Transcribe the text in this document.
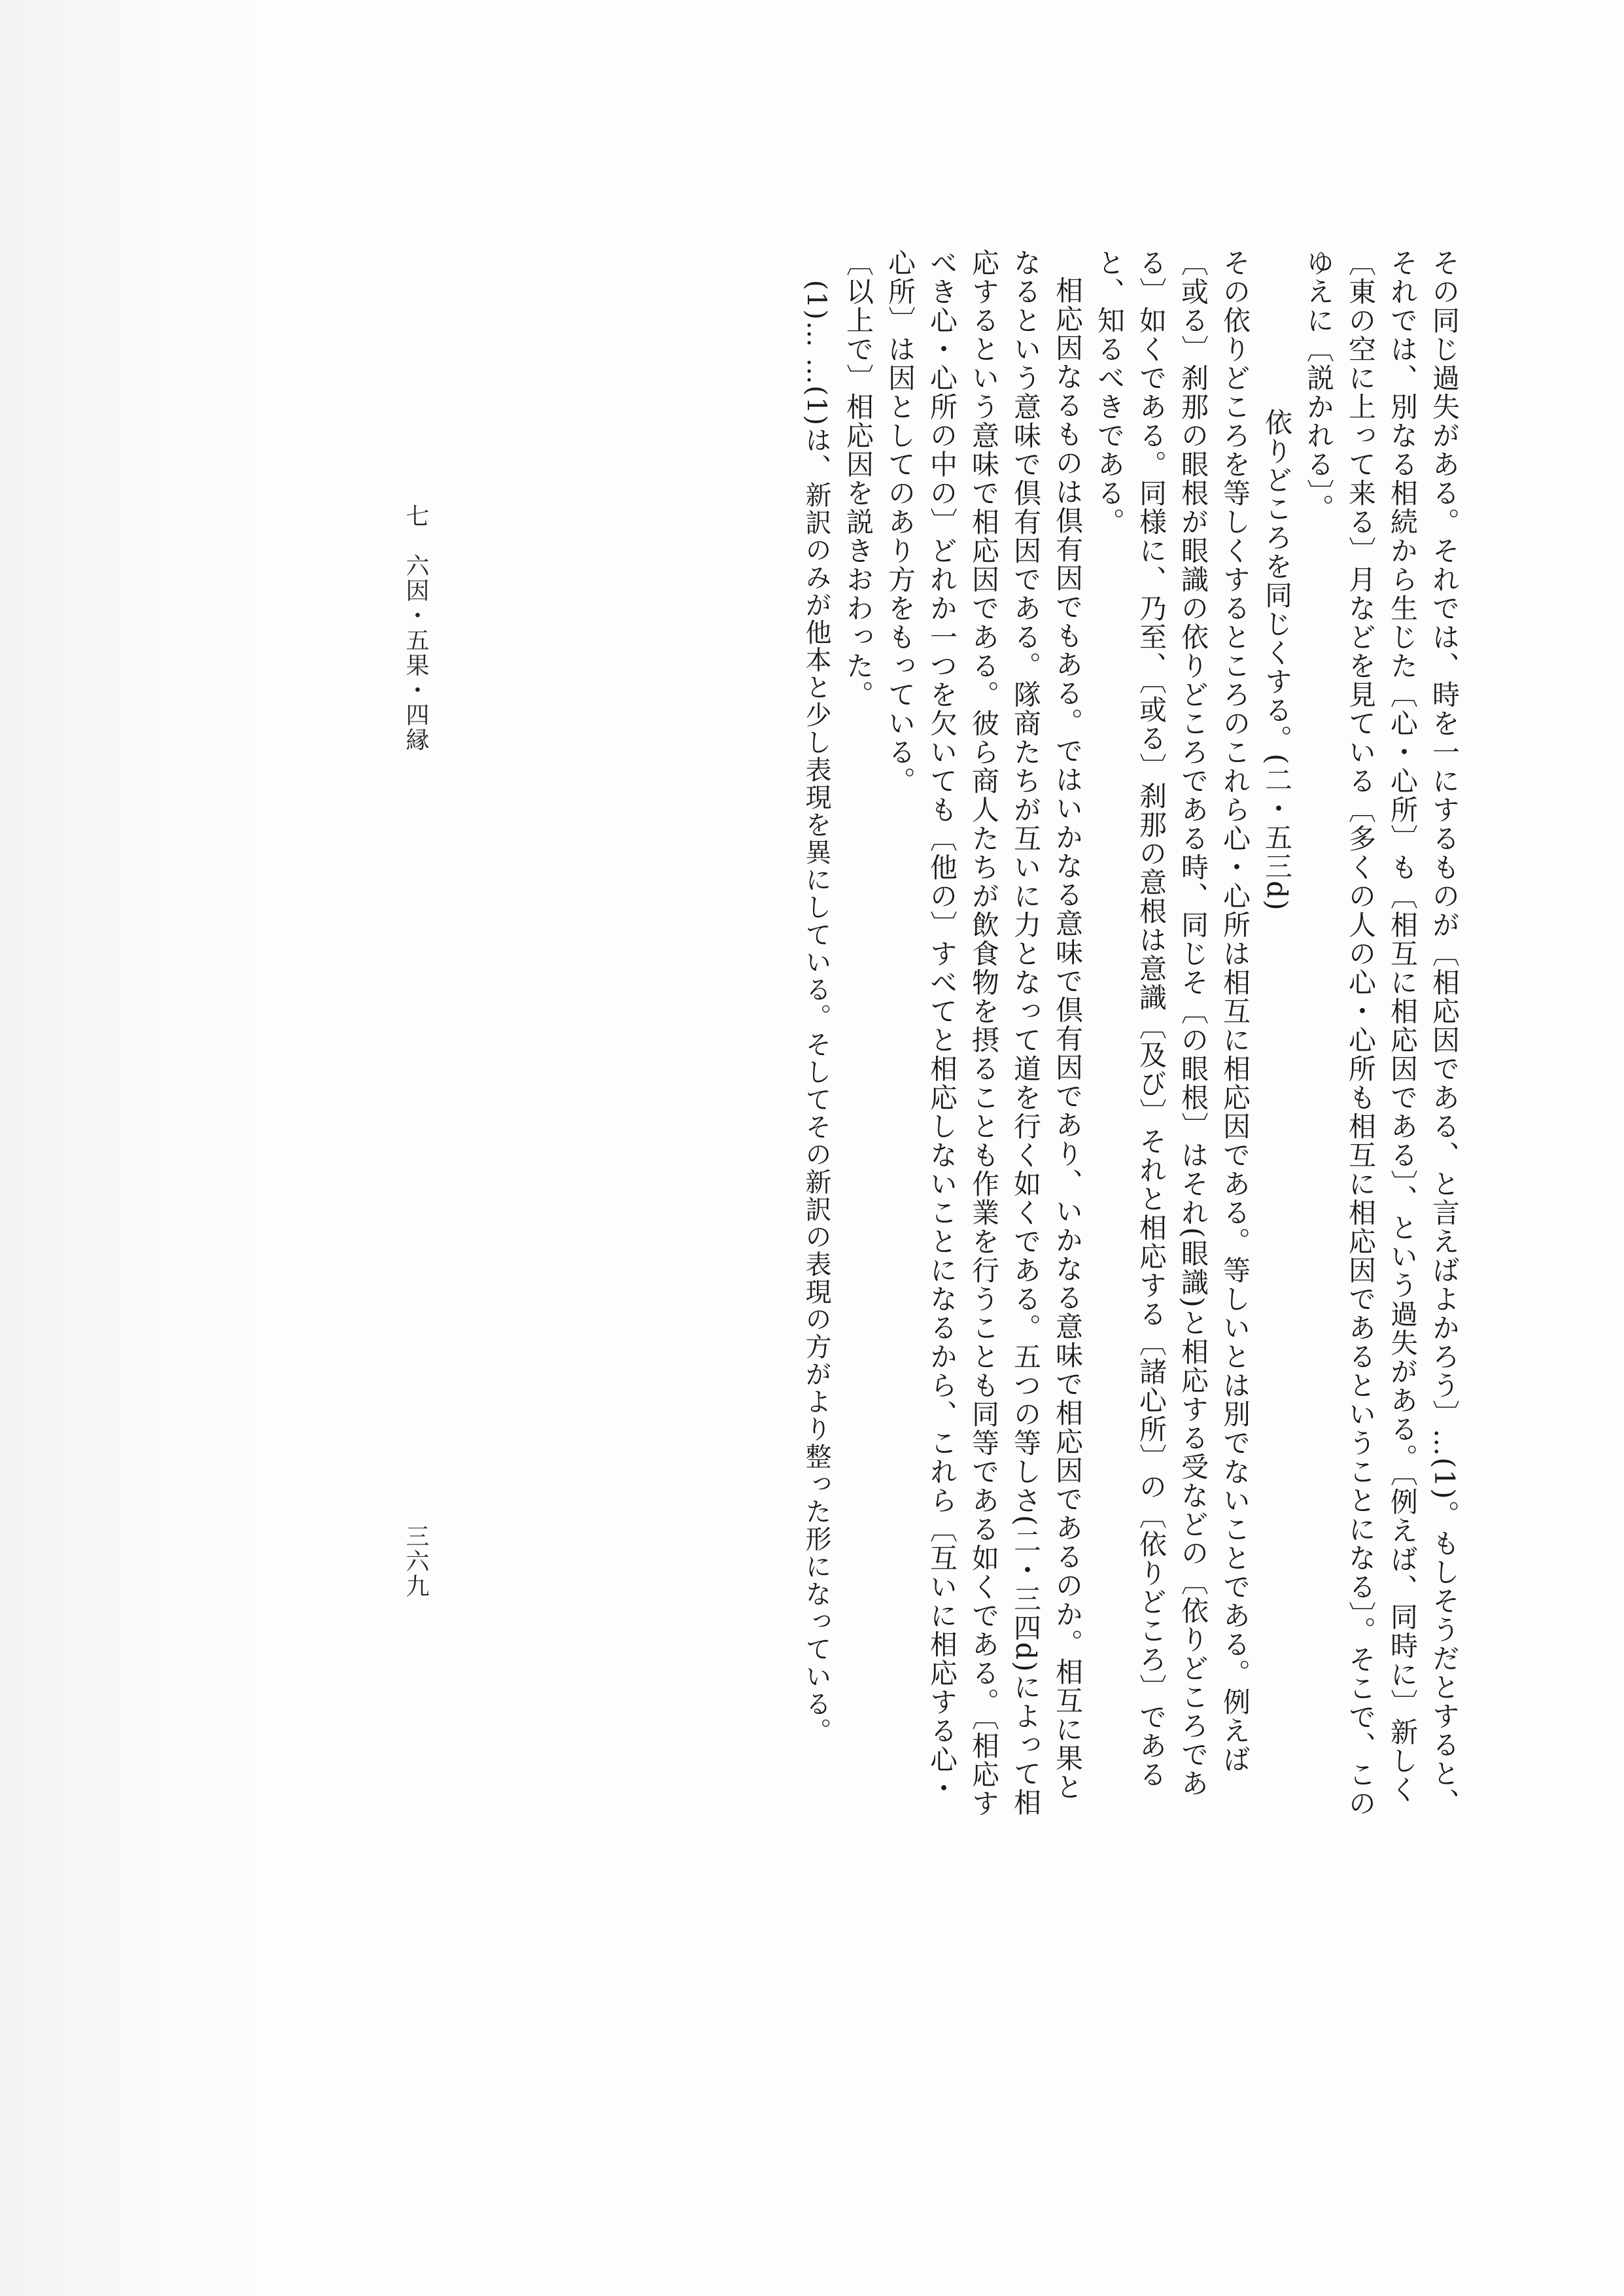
その同じ過失がある。それでは、時を一にするものが〔相応因である、と言えばよかろう〕…(1)。もしそうだとすると、それでは、別なる相続から生じた〔心・心所〕も〔相互に相応因である〕、という過失がある。〔例えば、同時に〕新しく〔東の空に上って来る〕月などを見ている〔多くの人の心・心所も相互に相応因であるということになる〕。そこで、このゆえに〔説かれる〕。

依りどころを同じくする。(二・五三d)

その依りどころを等しくするところのこれら心・心所は相互に相応因である。等しいとは別でないことである。例えば〔或る〕刹那の眼根が眼識の依りどころである時、同じそ〔の眼根〕はそれ(眼識)と相応する受などの〔依りどころである〕如くである。同様に、乃至、〔或る〕刹那の意根は意識〔及び〕それと相応する〔諸心所〕の〔依りどころ〕であると、知るべきである。

相応因なるものは倶有因でもある。ではいかなる意味で倶有因であり、いかなる意味で相応因であるのか。相互に果となるという意味で倶有因である。隊商たちが互いに力となって道を行く如くである。五つの等しさ(二・三四d)によって相応するという意味で相応因である。彼ら商人たちが飲食物を摂ることも作業を行うことも同等である如くである。〔相応すべき心・心所の中の〕どれか一つを欠いても〔他の〕すべてと相応しないことになるから、これら〔互いに相応する心・心所〕は因としてのあり方をもっている。

〔以上で〕相応因を説きおわった。

(1)… …(1)は、新訳のみが他本と少し表現を異にしている。そしてその新訳の表現の方がより整った形になっている。

七　六因・五果・四縁
三六九
